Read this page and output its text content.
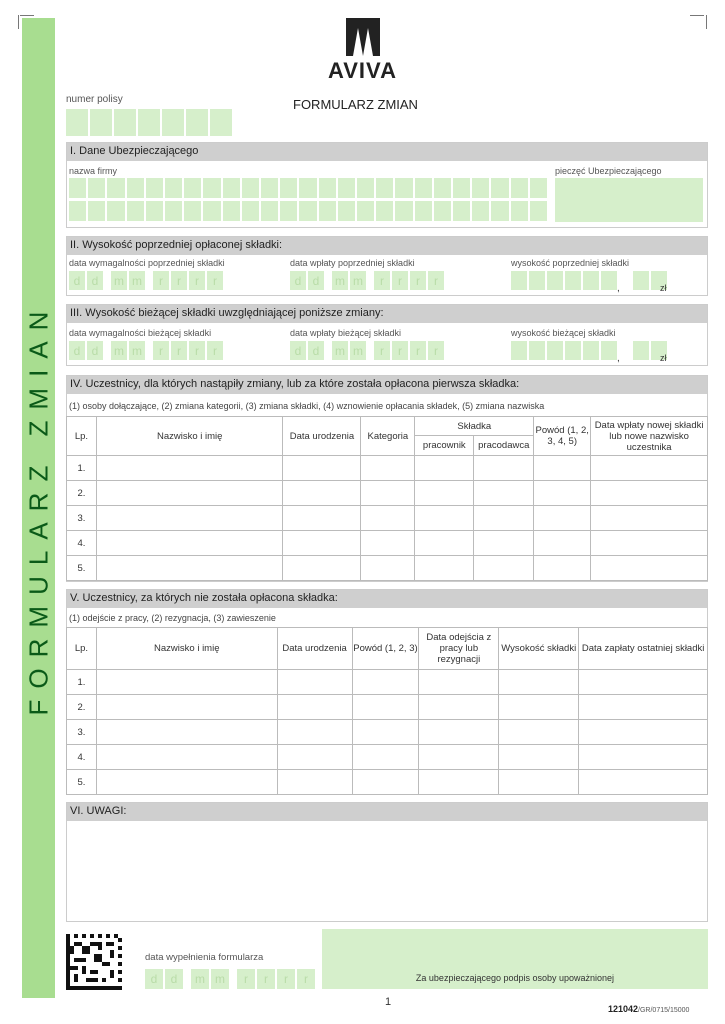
FORMULARZ ZMIAN
AVIVA
numer polisy	FORMULARZ ZMIAN
I. Dane Ubezpieczającego
nazwa firmy	pieczęć Ubezpieczającego
II. Wysokość poprzedniej opłaconej składki:
data wymagalności poprzedniej składki
d d	m m	r	r	r	r
data wpłaty poprzedniej składki
d d	m m	r	r	r	r
wysokość poprzedniej składki
,	zł
III. Wysokość bieżącej składki uwzględniającej poniższe zmiany:
data wymagalności bieżącej składki
d d	m m	r	r	r	r
data wpłaty bieżącej składki
d d	m m	r	r	r	r
wysokość bieżącej składki
,	zł
IV. Uczestnicy, dla których nastąpiły zmiany, lub za które została opłacona pierwsza składka:
(1) osoby dołączające, (2) zmiana kategorii, (3) zmiana składki, (4) wznowienie opłacania składek, (5) zmiana nazwiska
Lp.	Nazwisko i imię	Data urodzenia	Kategoria	Składka		Powód (1, 2, 3, 4, 5)	Data wpłaty nowej składki lub nowe nazwisko uczestnika
				pracownik	pracodawca		
1.							
2.							
3.							
4.							
5.							
V. Uczestnicy, za których nie została opłacona składka:
(1) odejście z pracy, (2) rezygnacja, (3) zawieszenie
Lp.	Nazwisko i imię	Data urodzenia	Powód (1, 2, 3)	Data odejścia z pracy lub rezygnacji	Wysokość składki	Data zapłaty ostatniej składki
1.						
2.						
3.						
4.						
5.						
VI. UWAGI:
data wypełnienia formularza
d	d	m m	r	r	r	r	Za ubezpieczającego podpis osoby upoważnionej
1
121042/GR/0715/15000
